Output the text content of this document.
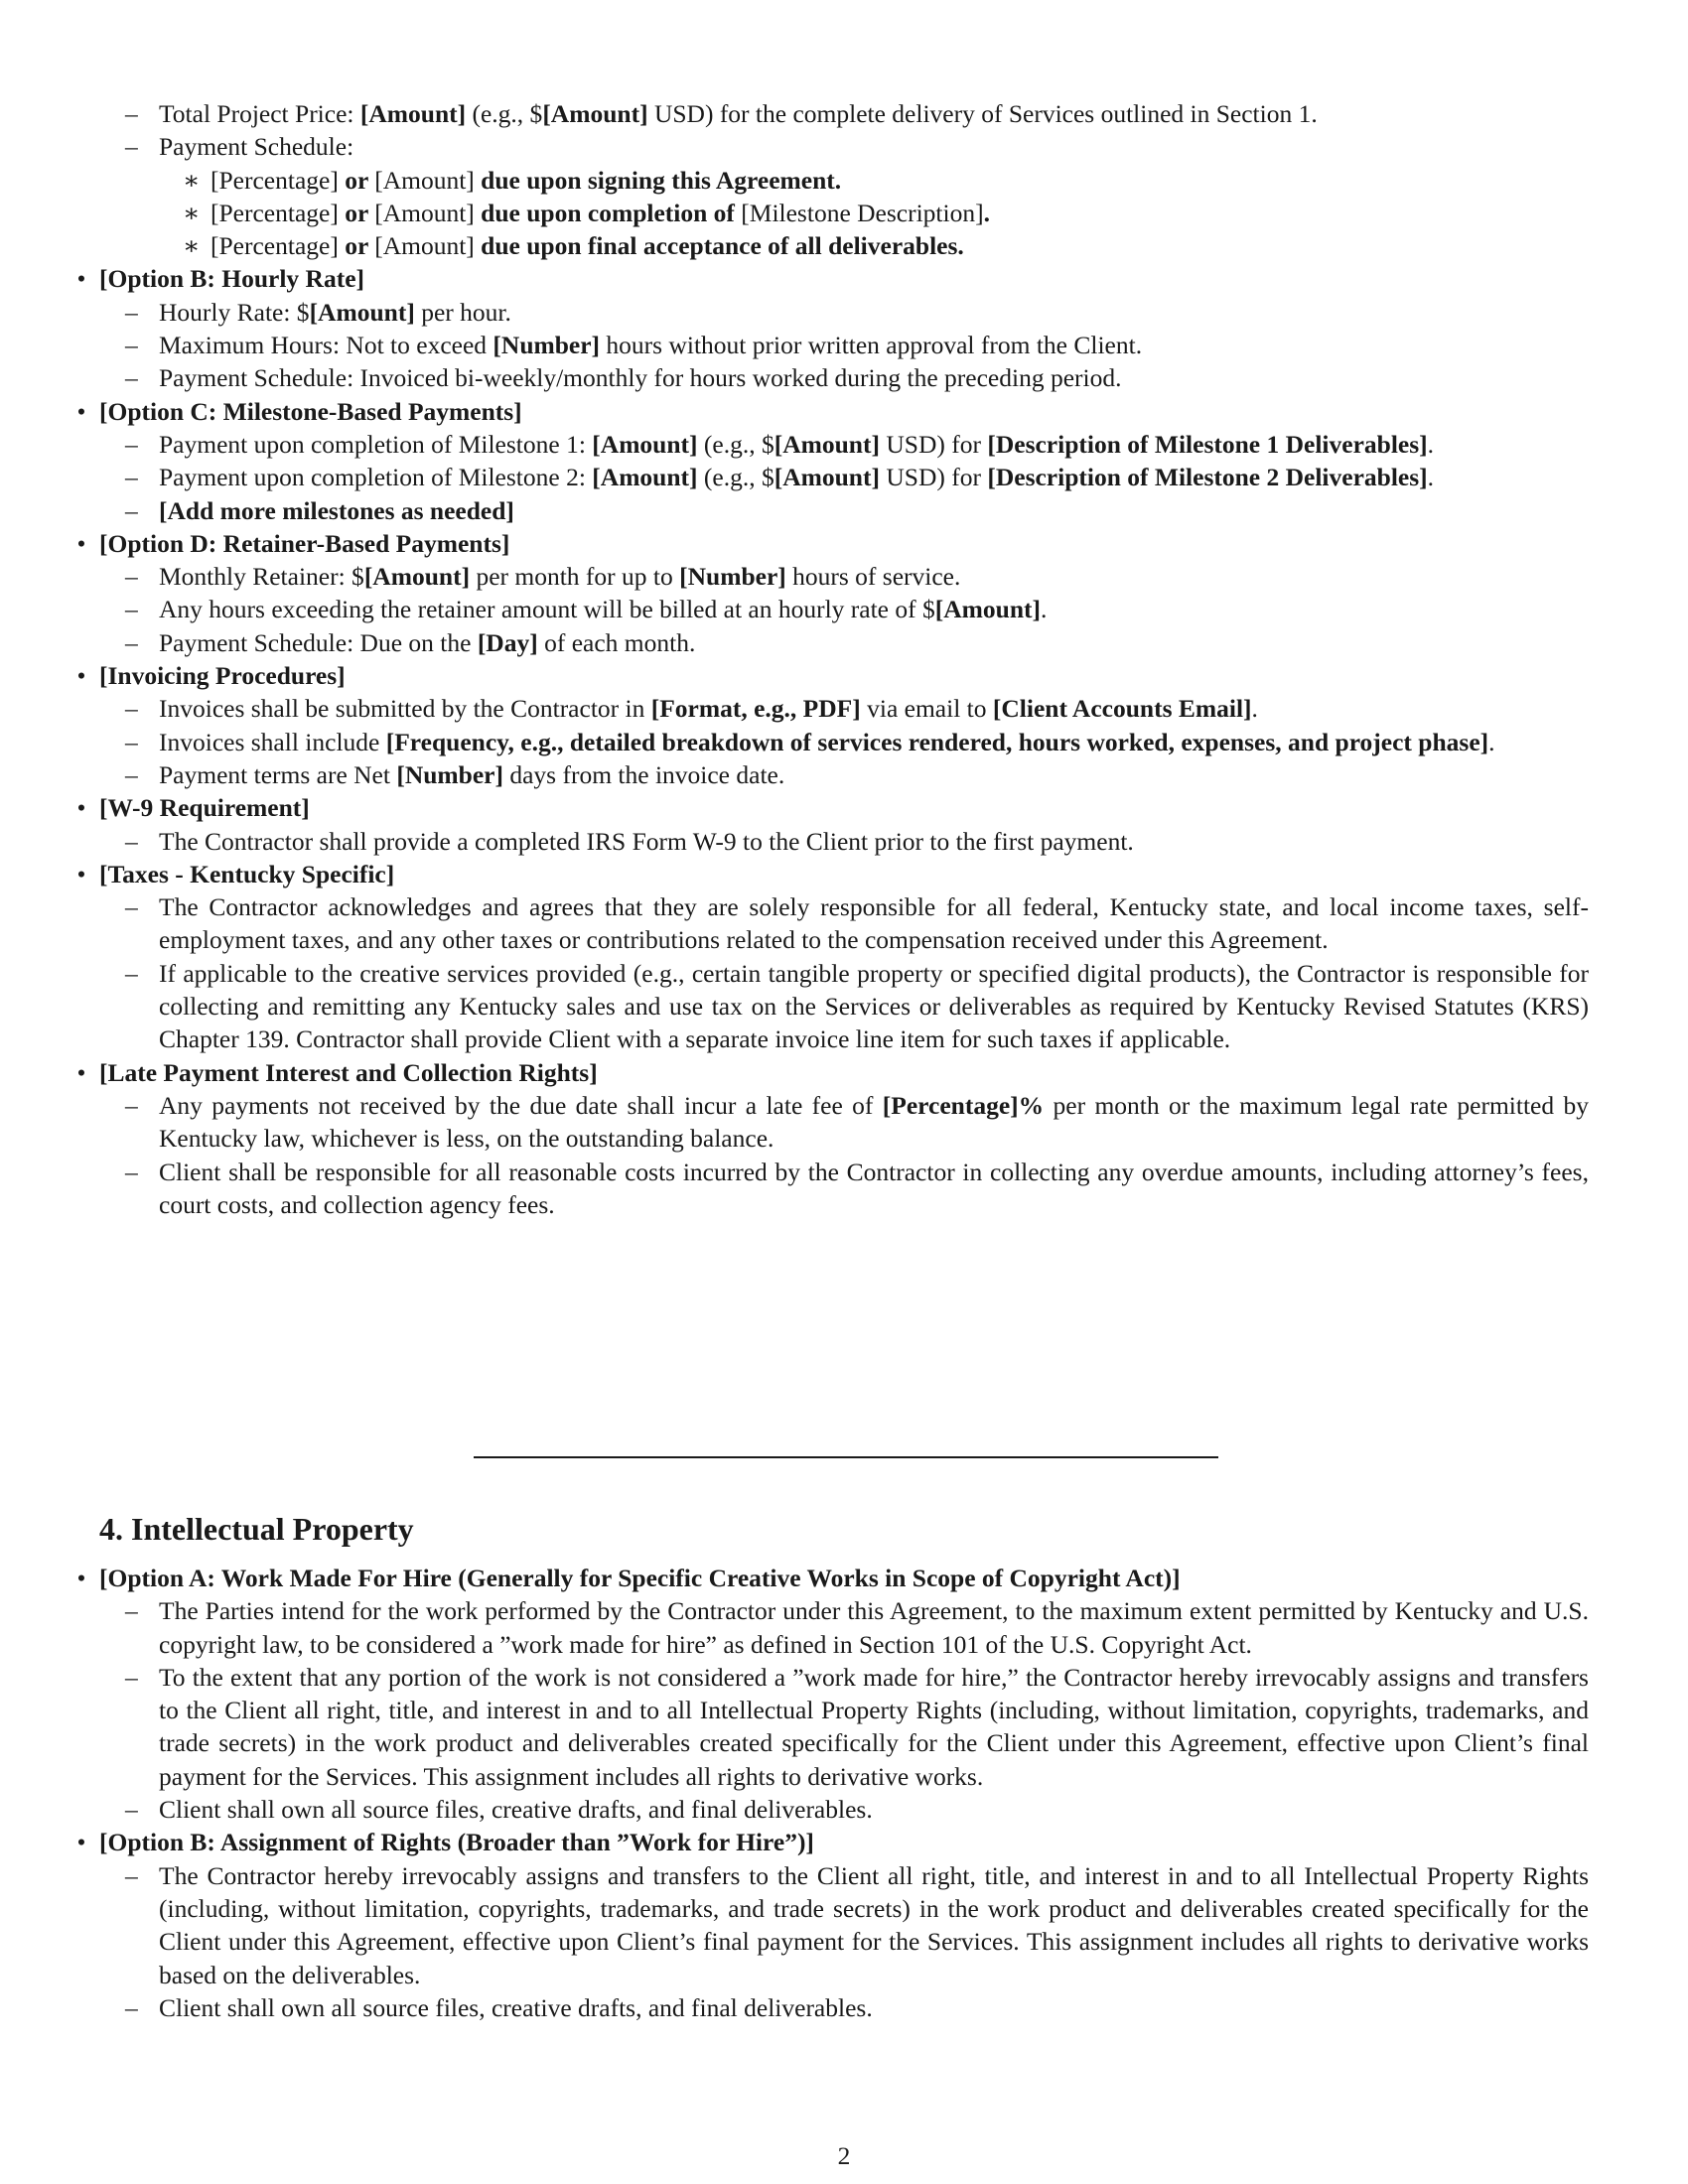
– Total Project Price: [Amount] (e.g., $[Amount] USD) for the complete delivery of Services outlined in Section 1.
– Payment Schedule:
∗ [Percentage] or [Amount] due upon signing this Agreement.
∗ [Percentage] or [Amount] due upon completion of [Milestone Description].
∗ [Percentage] or [Amount] due upon final acceptance of all deliverables.
• [Option B: Hourly Rate]
– Hourly Rate: $[Amount] per hour.
– Maximum Hours: Not to exceed [Number] hours without prior written approval from the Client.
– Payment Schedule: Invoiced bi-weekly/monthly for hours worked during the preceding period.
• [Option C: Milestone-Based Payments]
– Payment upon completion of Milestone 1: [Amount] (e.g., $[Amount] USD) for [Description of Milestone 1 Deliverables].
– Payment upon completion of Milestone 2: [Amount] (e.g., $[Amount] USD) for [Description of Milestone 2 Deliverables].
– [Add more milestones as needed]
• [Option D: Retainer-Based Payments]
– Monthly Retainer: $[Amount] per month for up to [Number] hours of service.
– Any hours exceeding the retainer amount will be billed at an hourly rate of $[Amount].
– Payment Schedule: Due on the [Day] of each month.
• [Invoicing Procedures]
– Invoices shall be submitted by the Contractor in [Format, e.g., PDF] via email to [Client Accounts Email].
– Invoices shall include [Frequency, e.g., detailed breakdown of services rendered, hours worked, expenses, and project phase].
– Payment terms are Net [Number] days from the invoice date.
• [W-9 Requirement]
– The Contractor shall provide a completed IRS Form W-9 to the Client prior to the first payment.
• [Taxes - Kentucky Specific]
– The Contractor acknowledges and agrees that they are solely responsible for all federal, Kentucky state, and local income taxes, self-employment taxes, and any other taxes or contributions related to the compensation received under this Agreement.
– If applicable to the creative services provided (e.g., certain tangible property or specified digital products), the Contractor is responsible for collecting and remitting any Kentucky sales and use tax on the Services or deliverables as required by Kentucky Revised Statutes (KRS) Chapter 139. Contractor shall provide Client with a separate invoice line item for such taxes if applicable.
• [Late Payment Interest and Collection Rights]
– Any payments not received by the due date shall incur a late fee of [Percentage]% per month or the maximum legal rate permitted by Kentucky law, whichever is less, on the outstanding balance.
– Client shall be responsible for all reasonable costs incurred by the Contractor in collecting any overdue amounts, including attorney’s fees, court costs, and collection agency fees.
4. Intellectual Property
• [Option A: Work Made For Hire (Generally for Specific Creative Works in Scope of Copyright Act)]
– The Parties intend for the work performed by the Contractor under this Agreement, to the maximum extent permitted by Kentucky and U.S. copyright law, to be considered a ”work made for hire” as defined in Section 101 of the U.S. Copyright Act.
– To the extent that any portion of the work is not considered a ”work made for hire,” the Contractor hereby irrevocably assigns and transfers to the Client all right, title, and interest in and to all Intellectual Property Rights (including, without limitation, copyrights, trademarks, and trade secrets) in the work product and deliverables created specifically for the Client under this Agreement, effective upon Client’s final payment for the Services. This assignment includes all rights to derivative works.
– Client shall own all source files, creative drafts, and final deliverables.
• [Option B: Assignment of Rights (Broader than ”Work for Hire”)]
– The Contractor hereby irrevocably assigns and transfers to the Client all right, title, and interest in and to all Intellectual Property Rights (including, without limitation, copyrights, trademarks, and trade secrets) in the work product and deliverables created specifically for the Client under this Agreement, effective upon Client’s final payment for the Services. This assignment includes all rights to derivative works based on the deliverables.
– Client shall own all source files, creative drafts, and final deliverables.
2
